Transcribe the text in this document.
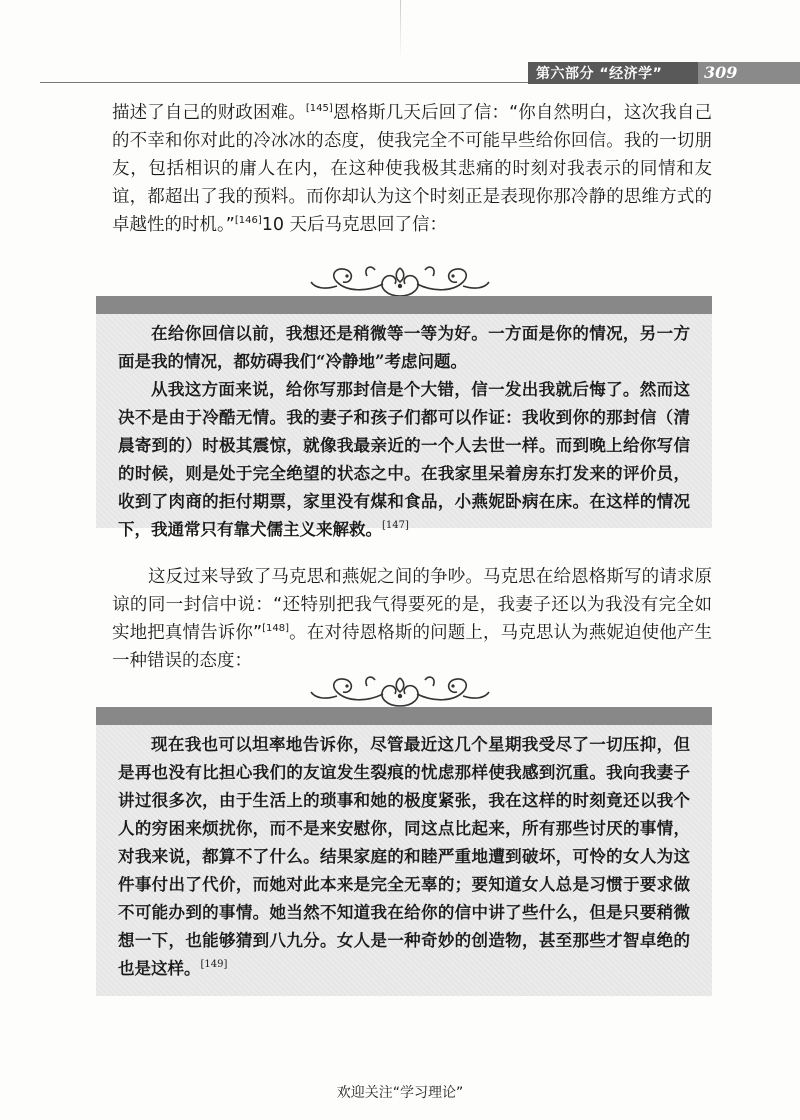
第六部分 “经济学”	309

描述了自己的财政困难。[145]恩格斯几天后回了信：“你自然明白，这次我自己的不幸和你对此的冷冰冰的态度，使我完全不可能早些给你回信。我的一切朋友，包括相识的庸人在内，在这种使我极其悲痛的时刻对我表示的同情和友谊，都超出了我的预料。而你却认为这个时刻正是表现你那冷静的思维方式的卓越性的时机。”[146]10 天后马克思回了信：

在给你回信以前，我想还是稍微等一等为好。一方面是你的情况，另一方面是我的情况，都妨碍我们“冷静地”考虑问题。

从我这方面来说，给你写那封信是个大错，信一发出我就后悔了。然而这决不是由于冷酷无情。我的妻子和孩子们都可以作证：我收到你的那封信（清晨寄到的）时极其震惊，就像我最亲近的一个人去世一样。而到晚上给你写信的时候，则是处于完全绝望的状态之中。在我家里呆着房东打发来的评价员，收到了肉商的拒付期票，家里没有煤和食品，小燕妮卧病在床。在这样的情况下，我通常只有靠犬儒主义来解救。[147]

这反过来导致了马克思和燕妮之间的争吵。马克思在给恩格斯写的请求原谅的同一封信中说：“还特别把我气得要死的是，我妻子还以为我没有完全如实地把真情告诉你”[148]。在对待恩格斯的问题上，马克思认为燕妮迫使他产生一种错误的态度：

现在我也可以坦率地告诉你，尽管最近这几个星期我受尽了一切压抑，但是再也没有比担心我们的友谊发生裂痕的忧虑那样使我感到沉重。我向我妻子讲过很多次，由于生活上的琐事和她的极度紧张，我在这样的时刻竟还以我个人的穷困来烦扰你，而不是来安慰你，同这点比起来，所有那些讨厌的事情，对我来说，都算不了什么。结果家庭的和睦严重地遭到破坏，可怜的女人为这件事付出了代价，而她对此本来是完全无辜的；要知道女人总是习惯于要求做不可能办到的事情。她当然不知道我在给你的信中讲了些什么，但是只要稍微想一下，也能够猜到八九分。女人是一种奇妙的创造物，甚至那些才智卓绝的也是这样。[149]

欢迎关注“学习理论”
